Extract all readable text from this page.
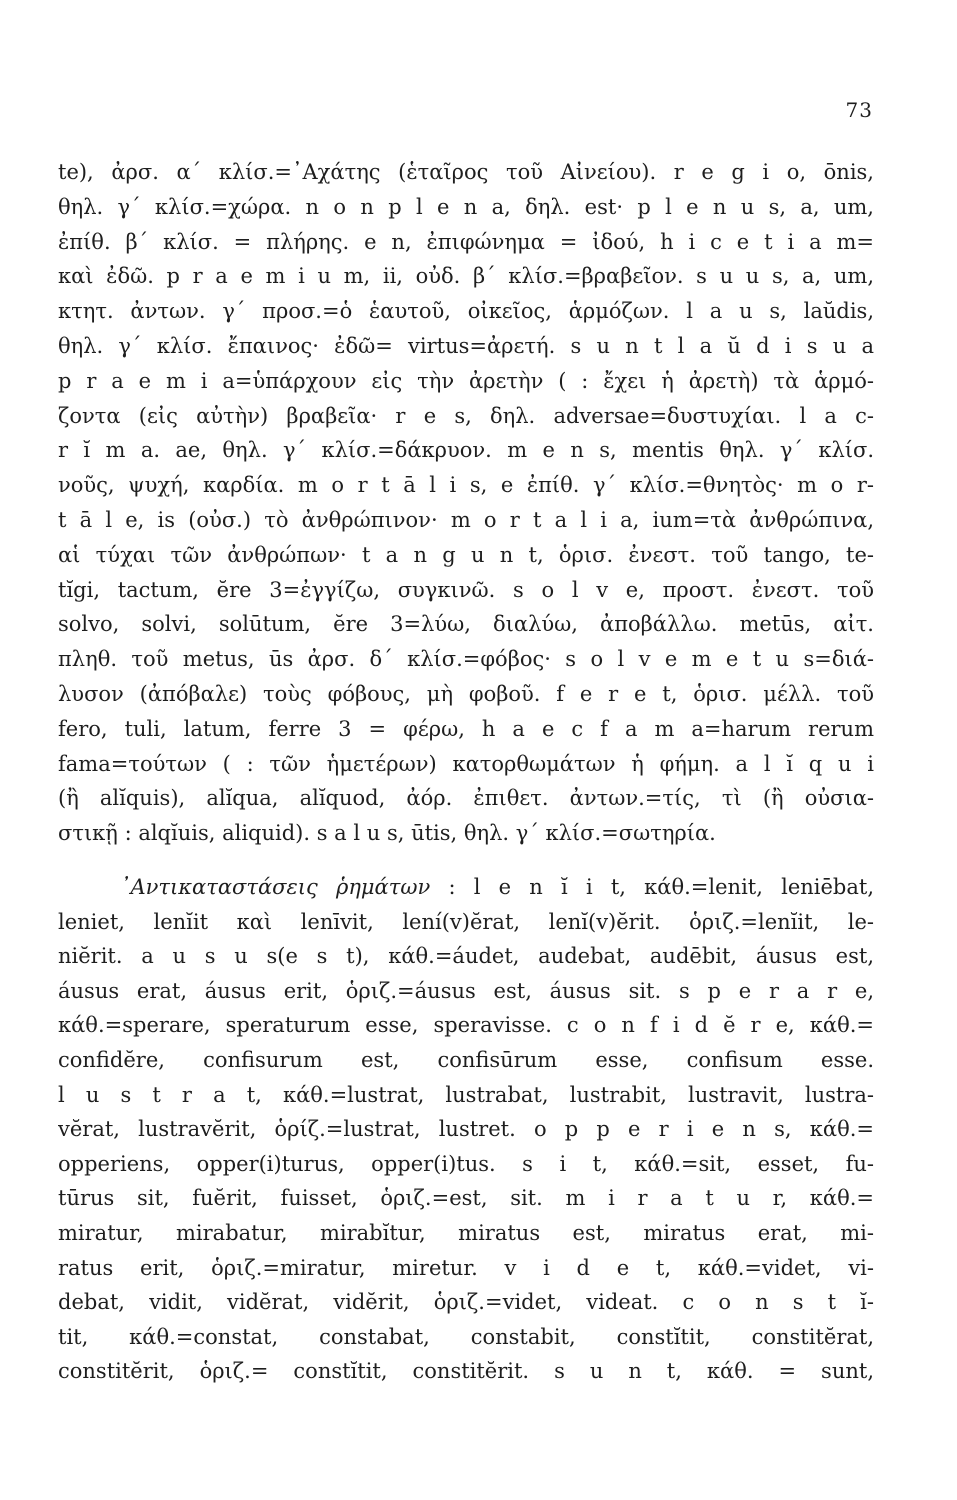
73
te), ἀρσ. α΄ κλίσ.=᾽Αχάτης (ἑταῖρος τοῦ Αἰνείου). r e g i o, ōnis,
θηλ. γ΄ κλίσ.=χώρα. n o n p l e n a, δηλ. est· p l e n u s, a, um,
ἐπίθ. β΄ κλίσ. = πλήρης. e n, ἐπιφώνημα = ἰδού, h i c e t i a m=
καὶ ἐδῶ. p r a e m i u m, ii, οὐδ. β΄ κλίσ.=βραβεῖον. s u u s, a, um,
κτητ. ἀντων. γ΄ προσ.=ὁ ἑαυτοῦ, οἰκεῖος, ἁρμόζων. l a u s, laŭdis,
θηλ. γ΄ κλίσ. ἔπαινος· ἐδῶ= virtus=ἀρετή. s u n t l a ŭ d i s u a
p r a e m i a=ὑπάρχουν εἰς τὴν ἀρετὴν ( : ἔχει ἡ ἀρετὴ) τὰ ἁρμό-
ζοντα (εἰς αὐτὴν) βραβεῖα· r e s, δηλ. adversae=δυστυχίαι. l a c-
r ĭ m a. ae, θηλ. γ΄ κλίσ.=δάκρυον. m e n s, mentis θηλ. γ΄ κλίσ.
νοῦς, ψυχή, καρδία. m o r t ā l i s, e ἐπίθ. γ΄ κλίσ.=θνητὸς· m o r-
t ā l e, is (οὐσ.) τὸ ἀνθρώπινον· m o r t a l i a, ium=τὰ ἀνθρώπινα,
αἱ τύχαι τῶν ἀνθρώπων· t a n g u n t, ὁρισ. ἐνεστ. τοῦ tango, te-
tĭgi, tactum, ĕre 3=ἐγγίζω, συγκινῶ. s o l v e, προστ. ἐνεστ. τοῦ
solvo, solvi, solūtum, ĕre 3=λύω, διαλύω, ἀποβάλλω. metūs, αἰτ.
πληθ. τοῦ metus, ūs ἀρσ. δ΄ κλίσ.=φόβος· s o l v e m e t u s=διά-
λυσον (ἀπόβαλε) τοὺς φόβους, μὴ φοβοῦ. f e r e t, ὁρισ. μέλλ. τοῦ
fero, tuli, latum, ferre 3 = φέρω, h a e c f a m a=harum rerum
fama=τούτων ( : τῶν ἡμετέρων) κατορθωμάτων ἡ φήμη. a l ĭ q u i
(ἢ alĭquis), alĭqua, alĭquod, ἀόρ. ἐπιθετ. ἀντων.=τίς, τὶ (ἢ οὐσια-
στικῇ : alqĭuis, aliquid). s a l u s, ūtis, θηλ. γ΄ κλίσ.=σωτηρία.
᾽Αντικαταστάσεις ῥημάτων : l e n ĭ i t, κάθ.=lenit, leniēbat,
leniet, lenĭit καὶ lenīvit, lení(v)ĕrat, lenĭ(v)ĕrit. ὁριζ.=lenĭit, le-
niĕrit. a u s u s(e s t), κάθ.=áudet, audebat, audēbit, áusus est,
áusus erat, áusus erit, ὁριζ.=áusus est, áusus sit. s p e r a r e,
κάθ.=sperare, speraturum esse, speravisse. c o n f i d ĕ r e, κάθ.=
confidĕre, confisurum est, confisūrum esse, confisum esse.
l u s t r a t, κάθ.=lustrat, lustrabat, lustrabit, lustravit, lustra-
vĕrat, lustravĕrit, ὁρίζ.=lustrat, lustret. o p p e r i e n s, κάθ.=
opperiens, opper(i)turus, opper(i)tus. s i t, κάθ.=sit, esset, fu-
tūrus sit, fuĕrit, fuisset, ὁριζ.=est, sit. m i r a t u r, κάθ.=
miratur, mirabatur, mirabĭtur, miratus est, miratus erat, mi-
ratus erit, ὁριζ.=miratur, miretur. v i d e t, κάθ.=videt, vi-
debat, vidit, vidĕrat, vidĕrit, ὁριζ.=videt, videat. c o n s t ĭ-
tit, κάθ.=constat, constabat, constabit, constĭtit, constitĕrat,
constitĕrit, ὁριζ.= constĭtit, constitĕrit. s u n t, κάθ. = sunt,
